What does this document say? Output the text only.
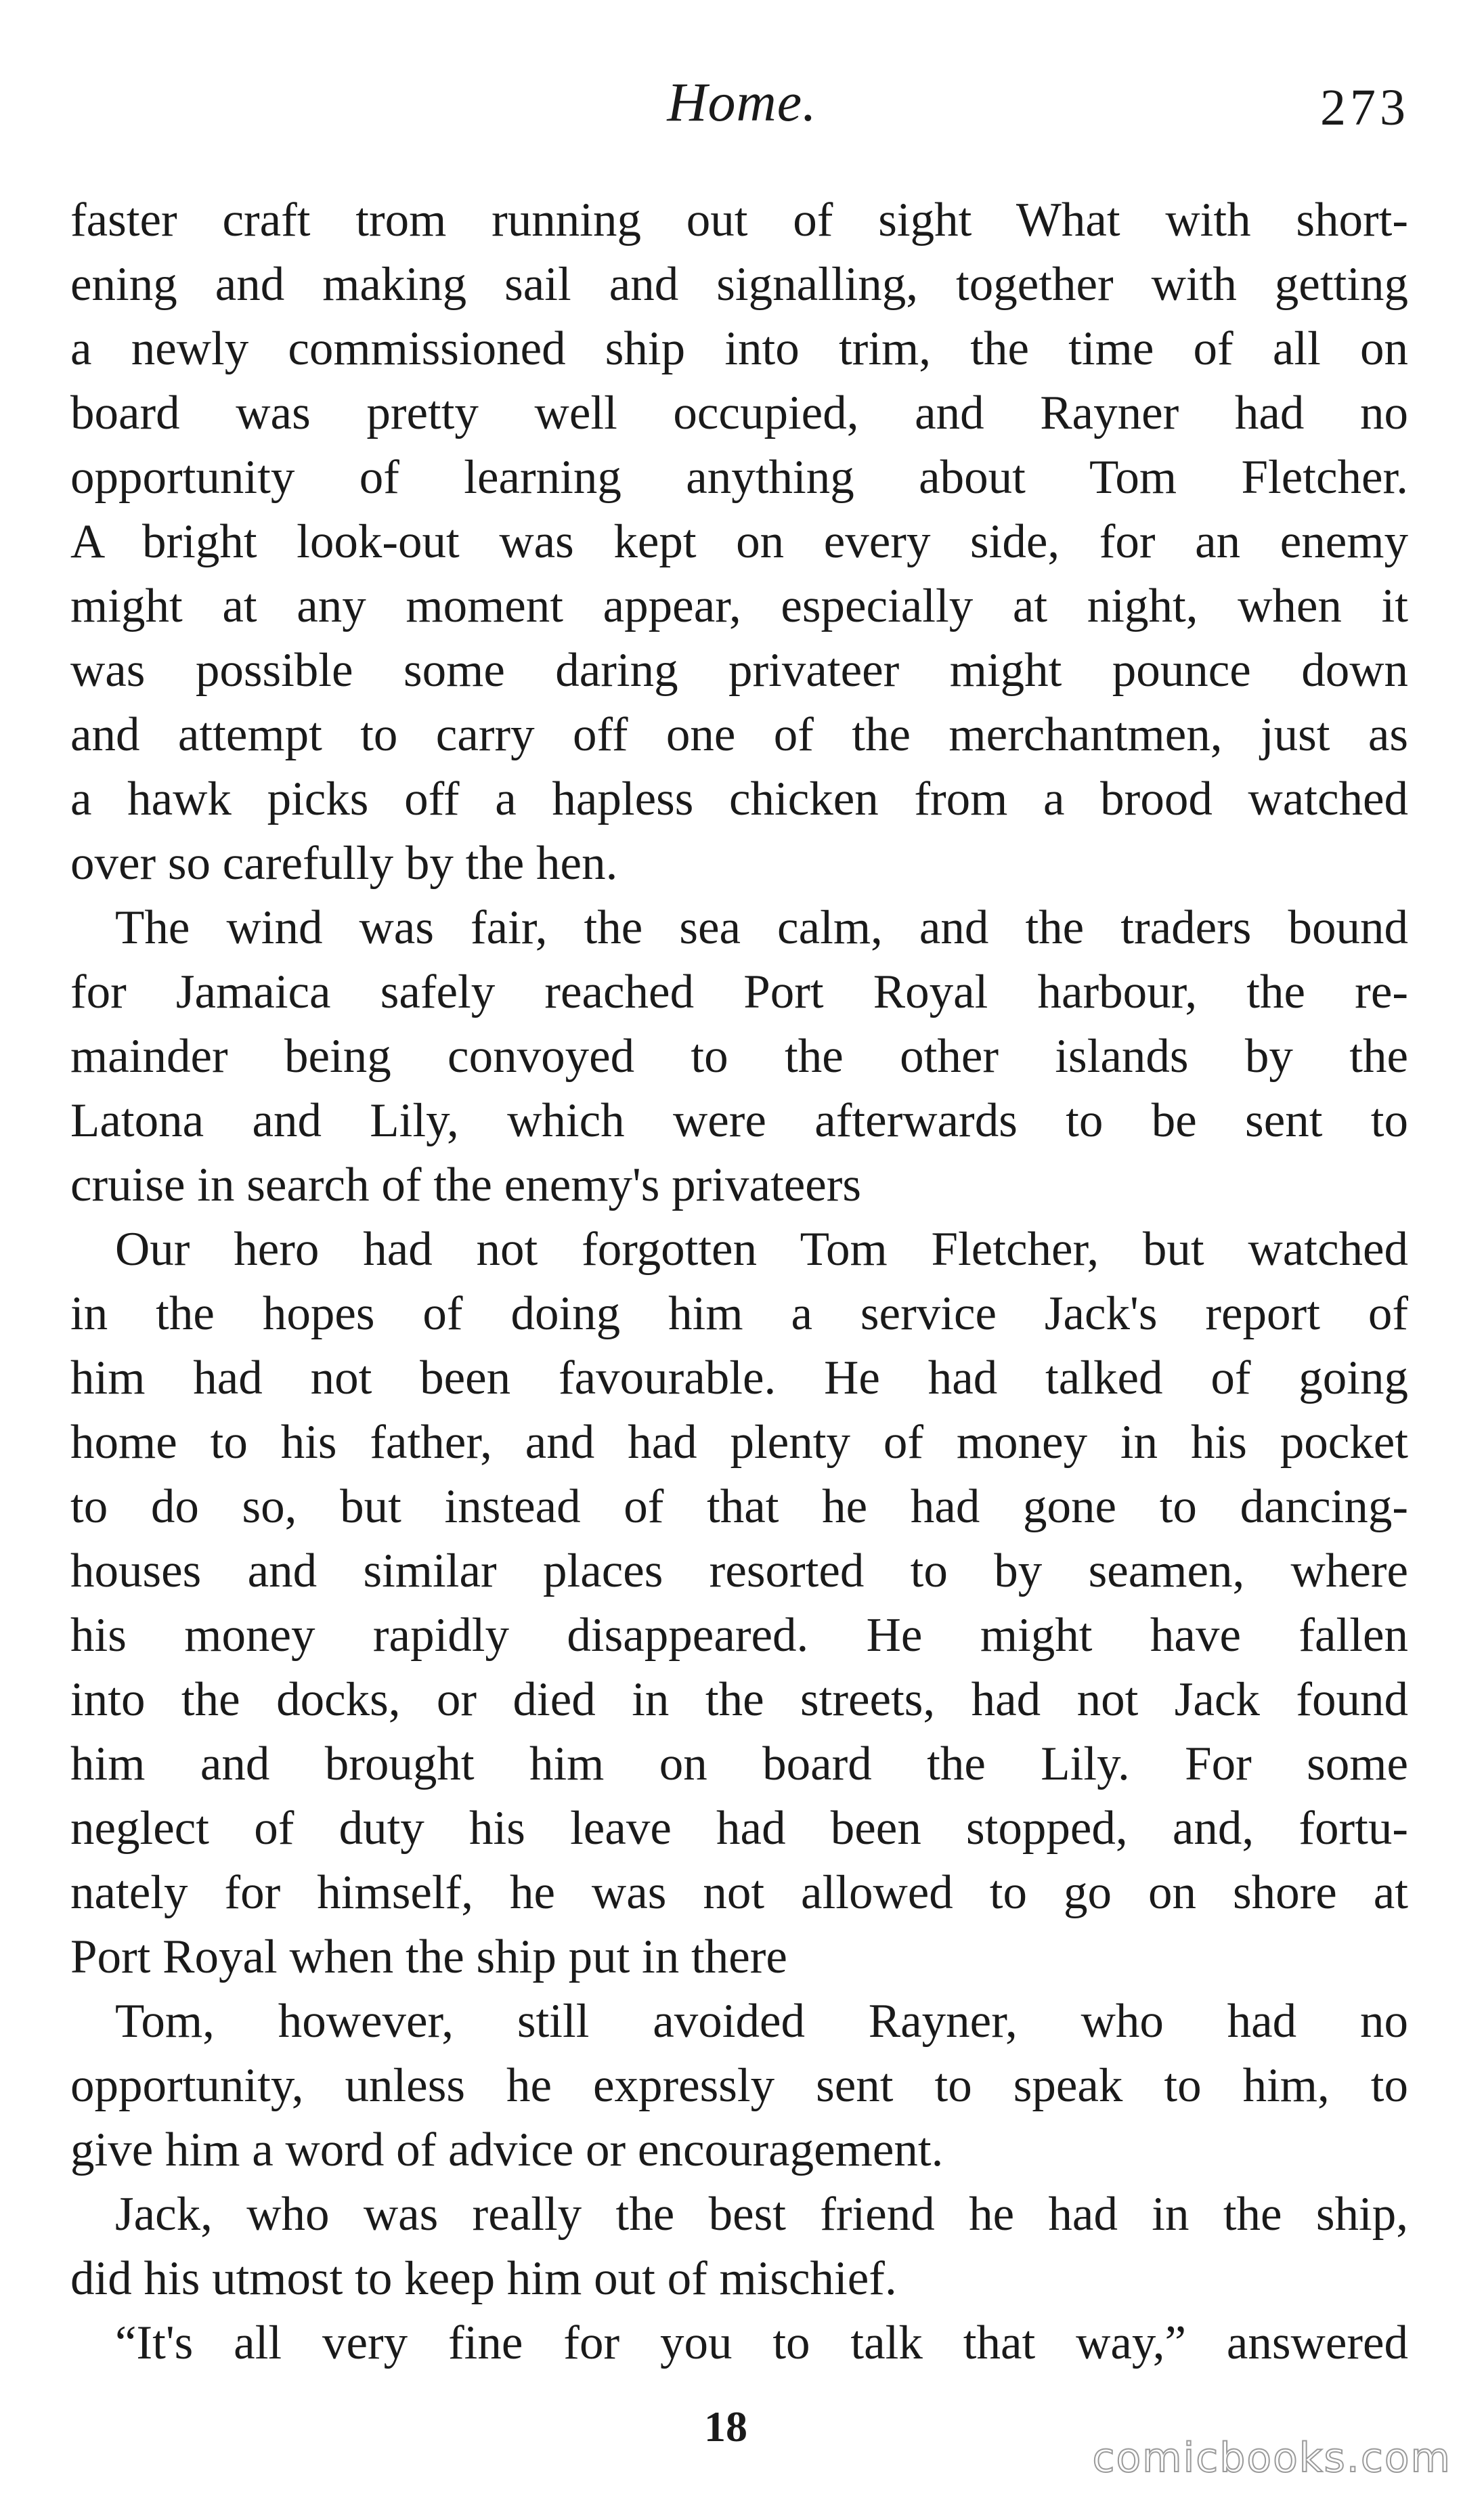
Home.	273
faster craft trom running out of sight What with short-
ening and making sail and signalling, together with getting
a newly commissioned ship into trim, the time of all on
board was pretty well occupied, and Rayner had no
opportunity of learning anything about Tom Fletcher.
A bright look-out was kept on every side, for an enemy
might at any moment appear, especially at night, when it
was possible some daring privateer might pounce down
and attempt to carry off one of the merchantmen, just as
a hawk picks off a hapless chicken from a brood watched
over so carefully by the hen.
The wind was fair, the sea calm, and the traders bound
for Jamaica safely reached Port Royal harbour, the re-
mainder being convoyed to the other islands by the
Latona and Lily, which were afterwards to be sent to
cruise in search of the enemy's privateers
Our hero had not forgotten Tom Fletcher, but watched
in the hopes of doing him a service Jack's report of
him had not been favourable. He had talked of going
home to his father, and had plenty of money in his pocket
to do so, but instead of that he had gone to dancing-
houses and similar places resorted to by seamen, where
his money rapidly disappeared. He might have fallen
into the docks, or died in the streets, had not Jack found
him and brought him on board the Lily. For some
neglect of duty his leave had been stopped, and, fortu-
nately for himself, he was not allowed to go on shore at
Port Royal when the ship put in there
Tom, however, still avoided Rayner, who had no
opportunity, unless he expressly sent to speak to him, to
give him a word of advice or encouragement.
Jack, who was really the best friend he had in the ship,
did his utmost to keep him out of mischief.
“It's all very fine for you to talk that way,” answered
18
comicbooks.com
